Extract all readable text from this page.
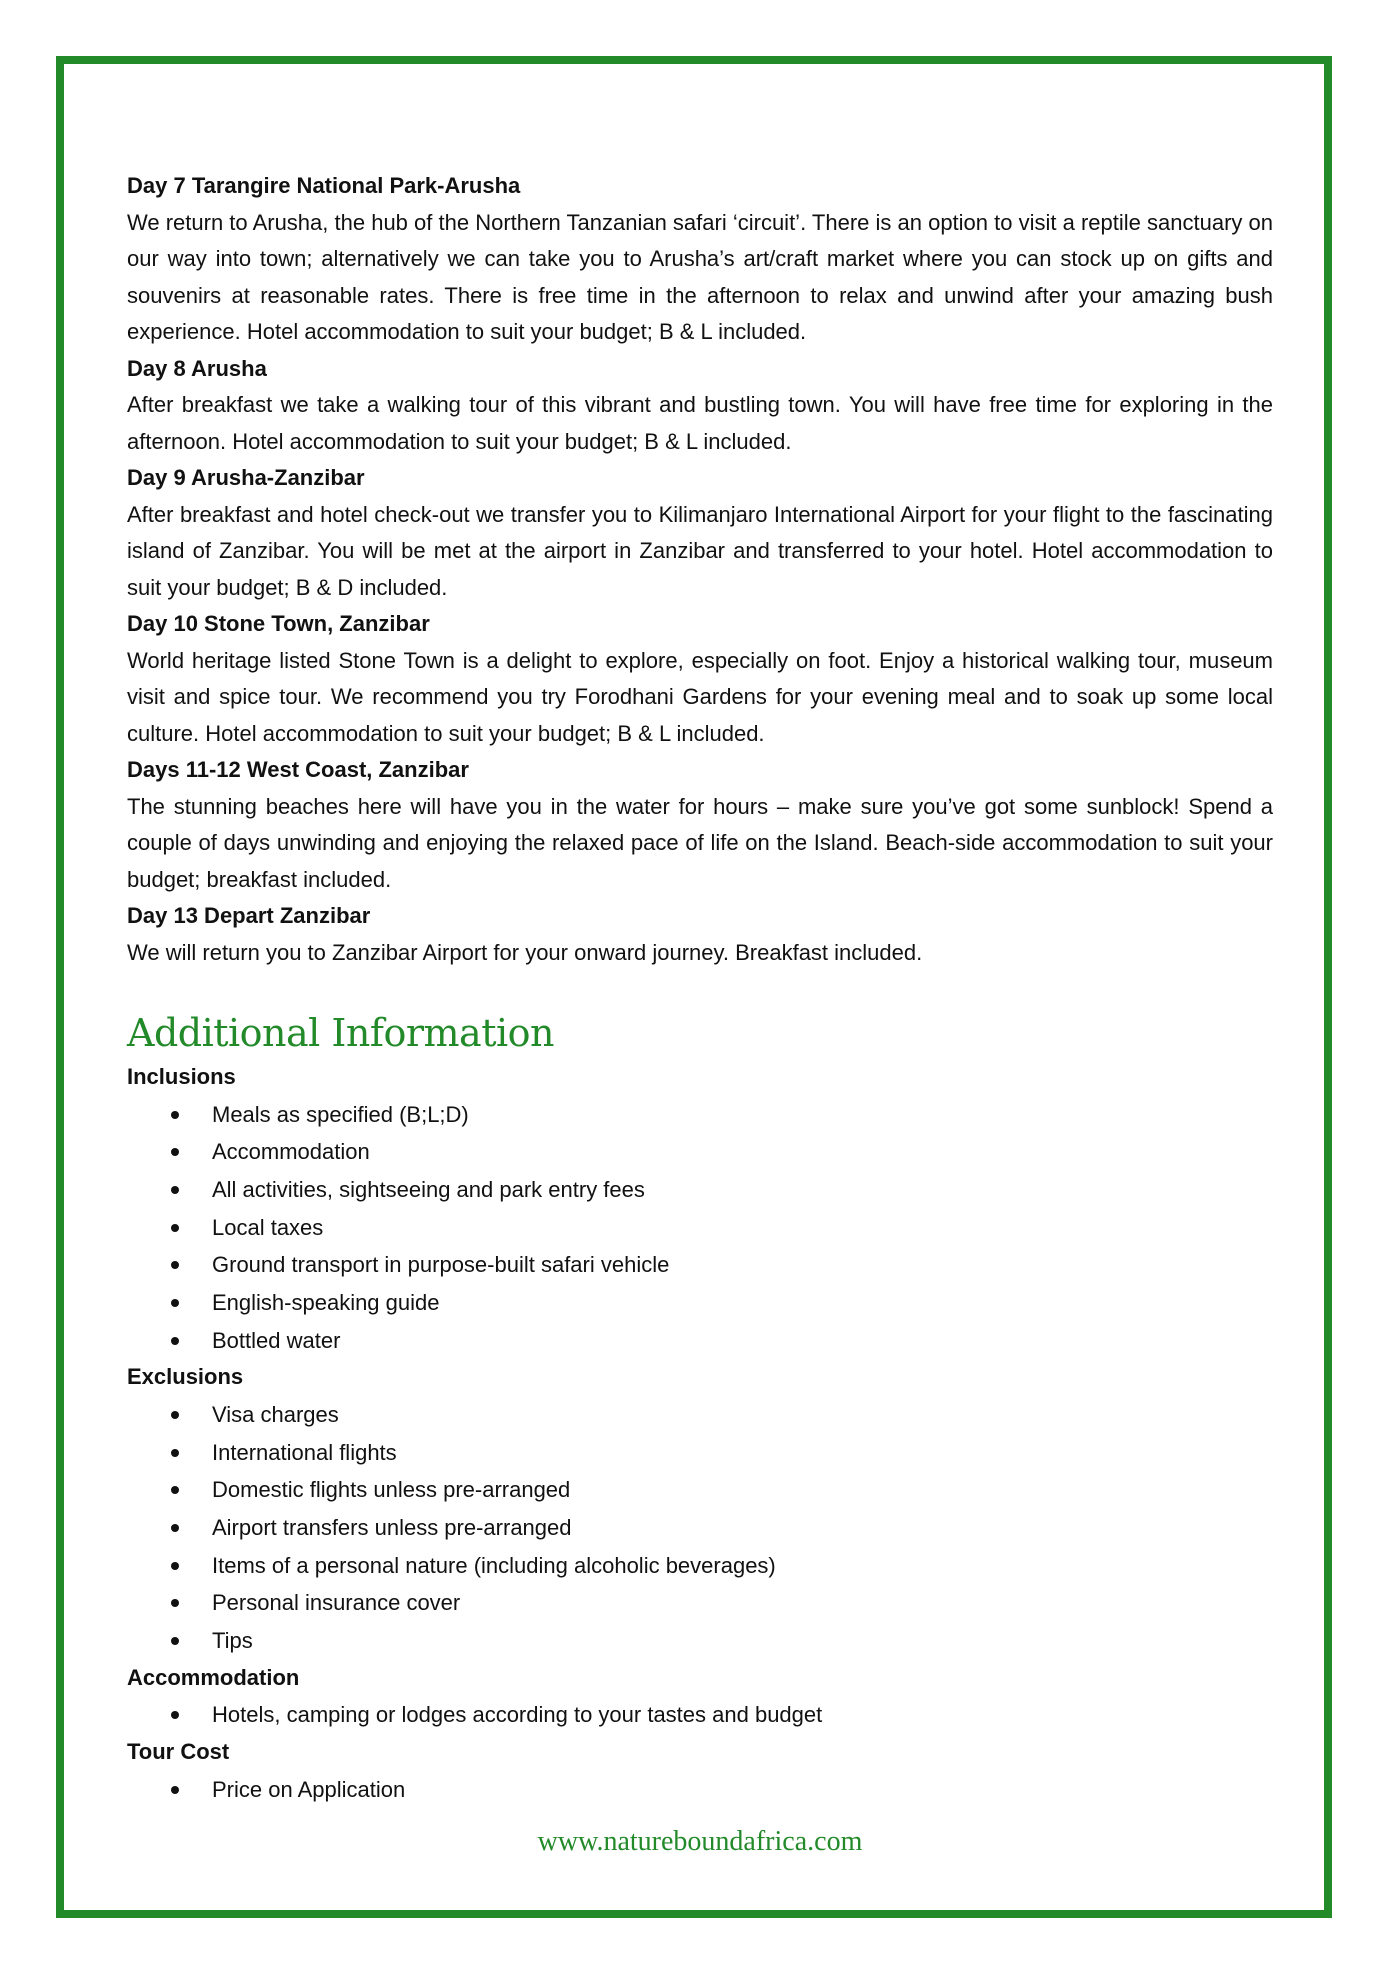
Day 7 Tarangire National Park-Arusha

We return to Arusha, the hub of the Northern Tanzanian safari ‘circuit’. There is an option to visit a reptile sanctuary on our way into town; alternatively we can take you to Arusha’s art/craft market where you can stock up on gifts and souvenirs at reasonable rates. There is free time in the afternoon to relax and unwind after your amazing bush experience. Hotel accommodation to suit your budget; B & L included.

Day 8 Arusha

After breakfast we take a walking tour of this vibrant and bustling town. You will have free time for exploring in the afternoon. Hotel accommodation to suit your budget; B & L included.

Day 9 Arusha-Zanzibar

After breakfast and hotel check-out we transfer you to Kilimanjaro International Airport for your flight to the fascinating island of Zanzibar. You will be met at the airport in Zanzibar and transferred to your hotel. Hotel accommodation to suit your budget; B & D included.

Day 10 Stone Town, Zanzibar

World heritage listed Stone Town is a delight to explore, especially on foot. Enjoy a historical walking tour, museum visit and spice tour. We recommend you try Forodhani Gardens for your evening meal and to soak up some local culture. Hotel accommodation to suit your budget; B & L included.

Days 11-12 West Coast, Zanzibar

The stunning beaches here will have you in the water for hours – make sure you’ve got some sunblock! Spend a couple of days unwinding and enjoying the relaxed pace of life on the Island. Beach-side accommodation to suit your budget; breakfast included.

Day 13 Depart Zanzibar

We will return you to Zanzibar Airport for your onward journey. Breakfast included.

Additional Information

Inclusions

Meals as specified (B;L;D)
Accommodation
All activities, sightseeing and park entry fees
Local taxes
Ground transport in purpose-built safari vehicle
English-speaking guide
Bottled water

Exclusions

Visa charges
International flights
Domestic flights unless pre-arranged
Airport transfers unless pre-arranged
Items of a personal nature (including alcoholic beverages)
Personal insurance cover
Tips

Accommodation

Hotels, camping or lodges according to your tastes and budget

Tour Cost

Price on Application
www.natureboundafrica.com
